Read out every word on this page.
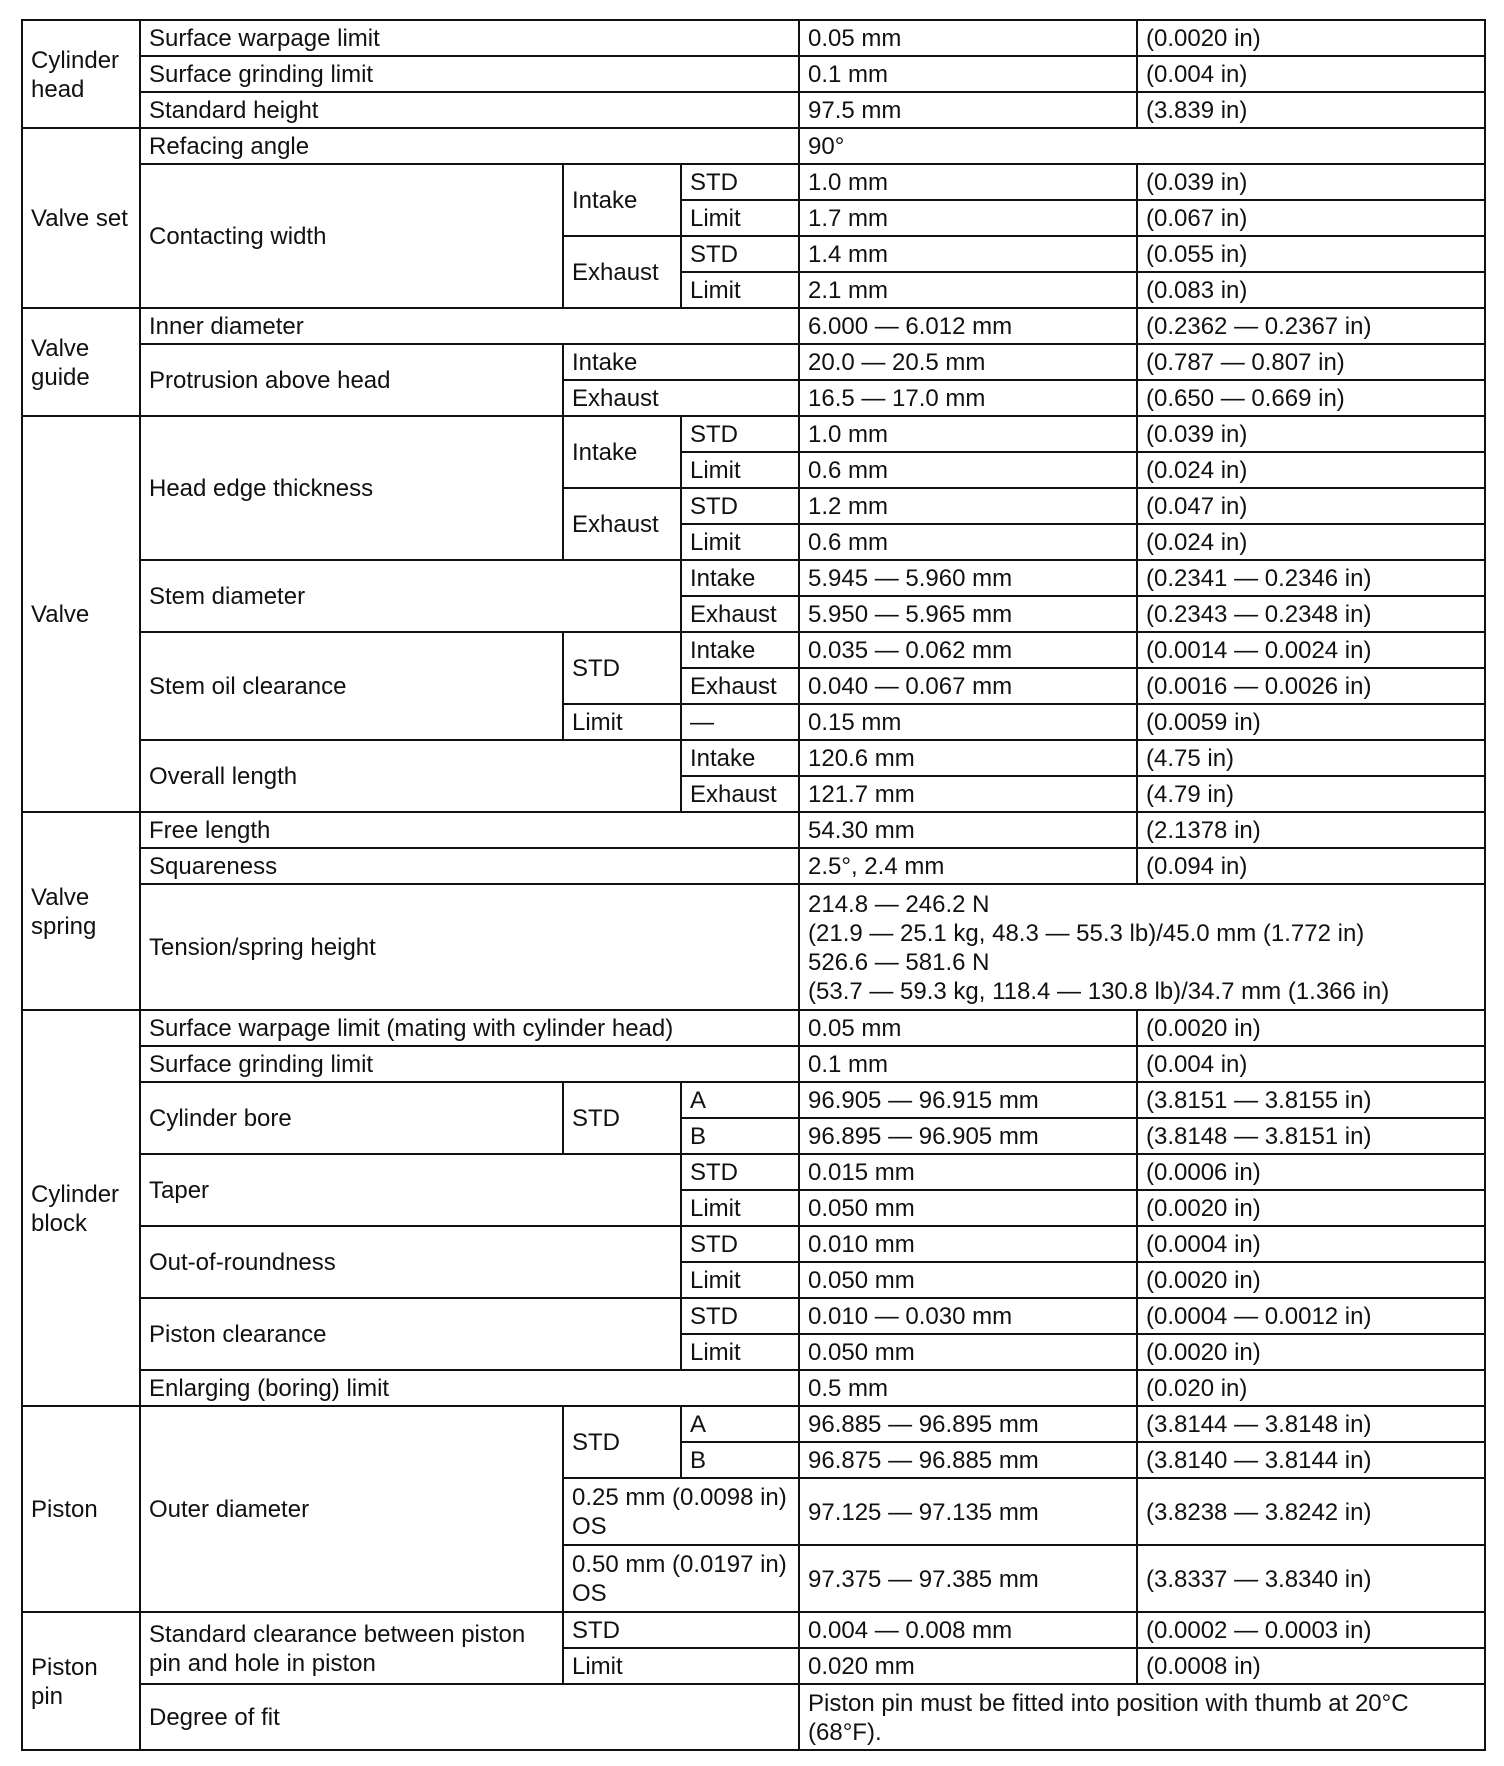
Cylinder head	Surface warpage limit			0.05 mm	(0.0020 in)
	Surface grinding limit			0.1 mm	(0.004 in)
	Standard height			97.5 mm	(3.839 in)
Valve set	Refacing angle			90°	
	Contacting width	Intake	STD	1.0 mm	(0.039 in)
			Limit	1.7 mm	(0.067 in)
		Exhaust	STD	1.4 mm	(0.055 in)
			Limit	2.1 mm	(0.083 in)
Valve guide	Inner diameter			6.000 — 6.012 mm	(0.2362 — 0.2367 in)
	Protrusion above head	Intake		20.0 — 20.5 mm	(0.787 — 0.807 in)
		Exhaust		16.5 — 17.0 mm	(0.650 — 0.669 in)
Valve	Head edge thickness	Intake	STD	1.0 mm	(0.039 in)
			Limit	0.6 mm	(0.024 in)
		Exhaust	STD	1.2 mm	(0.047 in)
			Limit	0.6 mm	(0.024 in)
	Stem diameter		Intake	5.945 — 5.960 mm	(0.2341 — 0.2346 in)
			Exhaust	5.950 — 5.965 mm	(0.2343 — 0.2348 in)
	Stem oil clearance	STD	Intake	0.035 — 0.062 mm	(0.0014 — 0.0024 in)
			Exhaust	0.040 — 0.067 mm	(0.0016 — 0.0026 in)
		Limit	—	0.15 mm	(0.0059 in)
	Overall length		Intake	120.6 mm	(4.75 in)
			Exhaust	121.7 mm	(4.79 in)
Valve spring	Free length			54.30 mm	(2.1378 in)
	Squareness			2.5°, 2.4 mm	(0.094 in)
	Tension/spring height			214.8 — 246.2 N
(21.9 — 25.1 kg, 48.3 — 55.3 lb)/45.0 mm (1.772 in)
526.6 — 581.6 N
(53.7 — 59.3 kg, 118.4 — 130.8 lb)/34.7 mm (1.366 in)	

Cylinder block	Surface warpage limit (mating with cylinder head)			0.05 mm	(0.0020 in)
	Surface grinding limit			0.1 mm	(0.004 in)
	Cylinder bore	STD	A	96.905 — 96.915 mm	(3.8151 — 3.8155 in)
			B	96.895 — 96.905 mm	(3.8148 — 3.8151 in)
	Taper		STD	0.015 mm	(0.0006 in)
			Limit	0.050 mm	(0.0020 in)
	Out-of-roundness		STD	0.010 mm	(0.0004 in)
			Limit	0.050 mm	(0.0020 in)
	Piston clearance		STD	0.010 — 0.030 mm	(0.0004 — 0.0012 in)
			Limit	0.050 mm	(0.0020 in)
	Enlarging (boring) limit			0.5 mm	(0.020 in)
Piston	Outer diameter	STD	A	96.885 — 96.895 mm	(3.8144 — 3.8148 in)
			B	96.875 — 96.885 mm	(3.8140 — 3.8144 in)
		0.25 mm (0.0098 in) OS		97.125 — 97.135 mm	(3.8238 — 3.8242 in)
		0.50 mm (0.0197 in) OS		97.375 — 97.385 mm	(3.8337 — 3.8340 in)
Piston pin	Standard clearance between piston pin and hole in piston	STD		0.004 — 0.008 mm	(0.0002 — 0.0003 in)
		Limit		0.020 mm	(0.0008 in)
	Degree of fit			Piston pin must be fitted into position with thumb at 20°C (68°F).	
